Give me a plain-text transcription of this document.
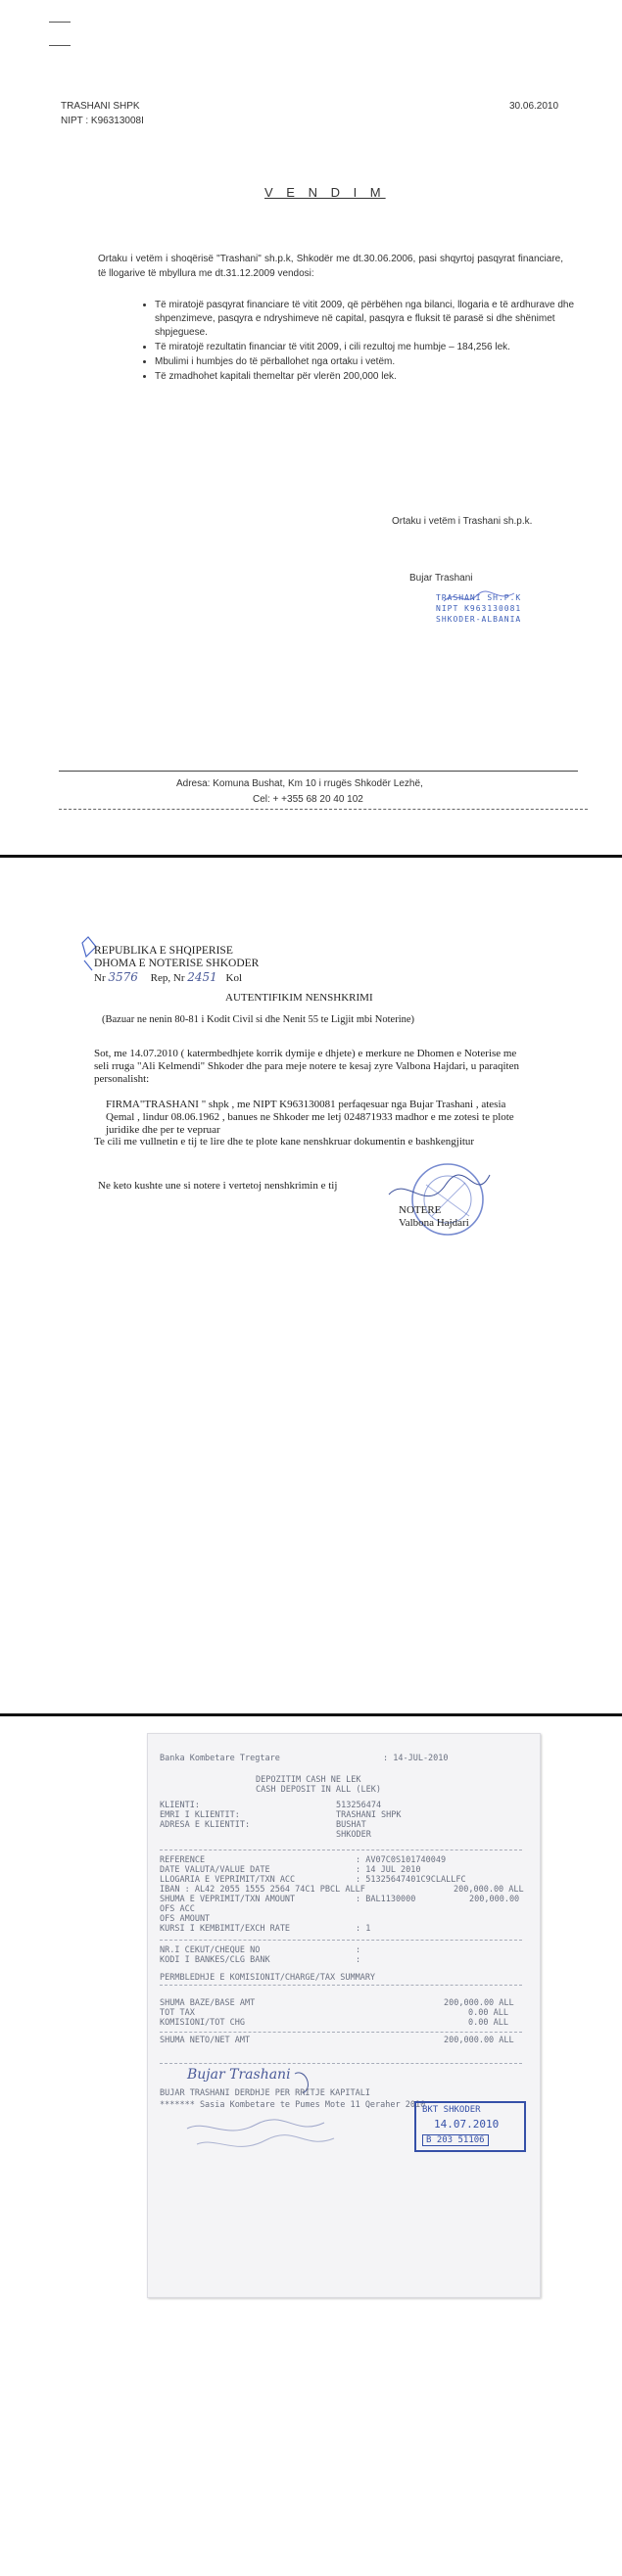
TRASHANI SHPK
NIPT : K96313008I
30.06.2010
V E N D I M
Ortaku i vetëm i shoqërisë "Trashani" sh.p.k, Shkodër me dt.30.06.2006, pasi shqyrtoj pasqyrat financiare, të llogarive të mbyllura me dt.31.12.2009 vendosi:
• Të miratojë pasqyrat financiare të vitit 2009, që përbëhen nga bilanci, llogaria e të ardhurave dhe shpenzimeve, pasqyra e ndryshimeve në capital, pasqyra e fluksit të parasë si dhe shënimet shpjeguese.
• Të miratojë rezultatin financiar të vitit 2009, i cili rezultoj me humbje – 184,256 lek.
• Mbulimi i humbjes do të përballohet nga ortaku i vetëm.
• Të zmadhohet kapitali themeltar për vlerën 200,000 lek.
Ortaku i vetëm i Trashani sh.p.k.
Bujar Trashani
TRASHANI SH.P.K
NIPT K963130081
SHKODER-ALBANIA
Adresa: Komuna Bushat, Km 10 i rrugës Shkodër Lezhë,
Cel: + +355 68 20 40 102
REPUBLIKA E SHQIPERISE
DHOMA E NOTERISE SHKODER
Nr 3576 Rep, Nr 2451 Kol
AUTENTIFIKIM NENSHKRIMI
(Bazuar ne nenin 80-81 i Kodit Civil si dhe Nenit 55 te Ligjit mbi Noterine)
Sot, me 14.07.2010 ( katermbedhjete korrik dymije e dhjete) e merkure ne Dhomen e Noterise me seli rruga "Ali Kelmendi" Shkoder dhe para meje notere te kesaj zyre Valbona Hajdari, u paraqiten personalisht:
FIRMA"TRASHANI " shpk , me NIPT K963130081 perfaqesuar nga Bujar Trashani , atesia Qemal , lindur 08.06.1962 , banues ne Shkoder me letj 024871933 madhor e me zotesi te plote juridike dhe per te vepruar
Te cili me vullnetin e tij te lire dhe te plote kane nenshkruar dokumentin e bashkengjitur
Ne keto kushte une si notere i vertetoj nenshkrimin e tij
NOTERE
Valbona Hajdari
Banka Kombetare Tregtare	: 14-JUL-2010
DEPOZITIM CASH NE LEK
CASH DEPOSIT IN ALL (LEK)
KLIENTI:	513256474
EMRI I KLIENTIT:	TRASHANI SHPK
ADRESA E KLIENTIT:	BUSHAT
SHKODER
REFERENCE	: AV07C0S101740049
DATE VALUTA/VALUE DATE	: 14 JUL 2010
LLOGARIA E VEPRIMIT/TXN ACC	: 51325647401C9CLALLFC
IBAN : AL42 2055 1555 2564 74C1 PBCL ALLF	200,000.00 ALL
SHUMA E VEPRIMIT/TXN AMOUNT	: BAL1130000	200,000.00
OFS ACC
OFS AMOUNT
KURSI I KEMBIMIT/EXCH RATE	: 1
NR.I CEKUT/CHEQUE NO	:
KODI I BANKES/CLG BANK	:
PERMBLEDHJE E KOMISIONIT/CHARGE/TAX SUMMARY
SHUMA BAZE/BASE AMT	200,000.00 ALL
TOT TAX	0.00 ALL
KOMISIONI/TOT CHG	0.00 ALL
SHUMA NETO/NET AMT	200,000.00 ALL
Bujar Trashani
BUJAR TRASHANI DERDHJE PER RRITJE KAPITALI
******* Sasia Kombetare te Pumes Mote 11 Qeraher 2010
BKT SHKODER
14.07.2010
B 203 51106
